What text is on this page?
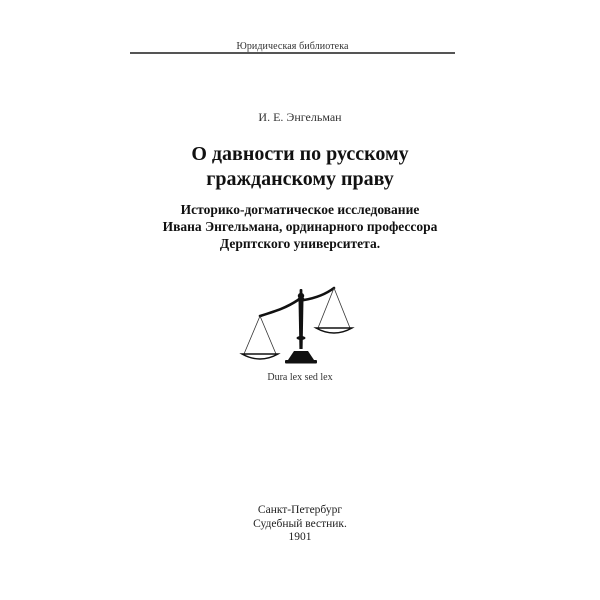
Юридическая библиотека
И. Е. Энгельман
О давности по русскому
гражданскому праву
Историко-догматическое исследование
Ивана Энгельмана, ординарного профессора
Дерптского университета.
Dura lex sed lex
Санкт-Петербург
Судебный вестник.
1901
